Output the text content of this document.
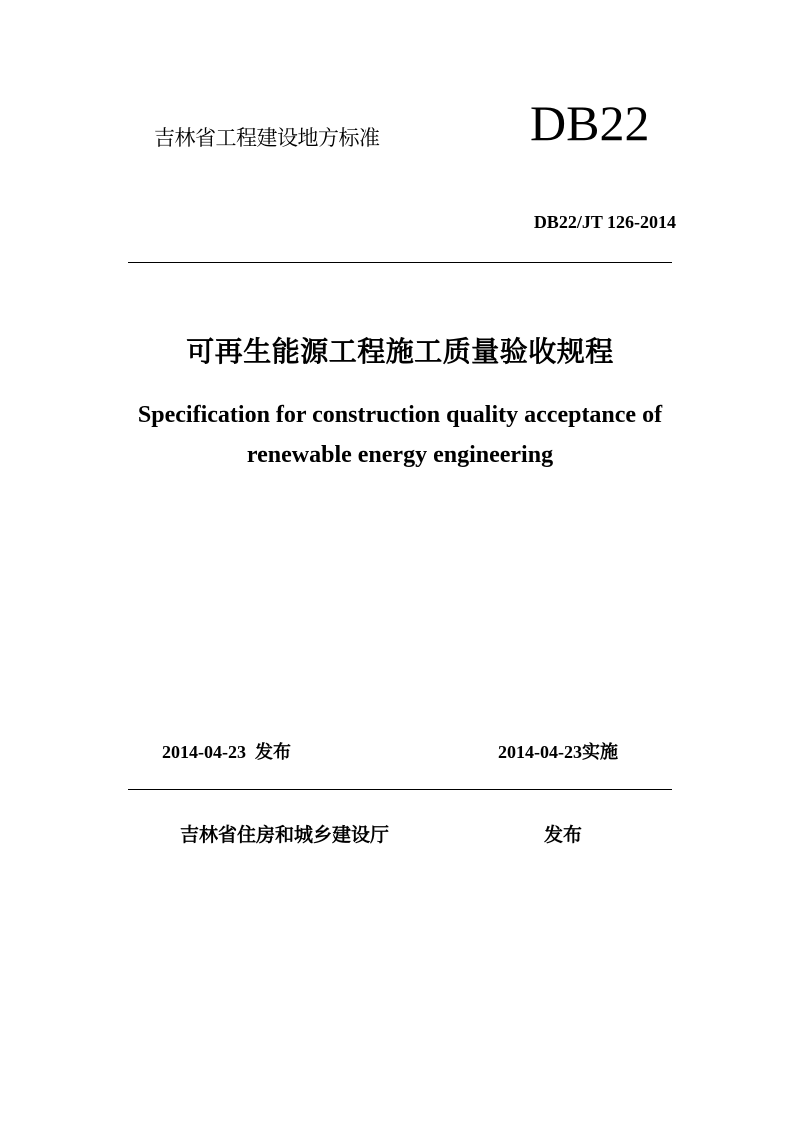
吉林省工程建设地方标准	DB22
DB22/JT 126-2014
可再生能源工程施工质量验收规程
Specification for construction quality acceptance of
renewable energy engineering
2014-04-23 发布	2014-04-23实施
吉林省住房和城乡建设厅	发布
